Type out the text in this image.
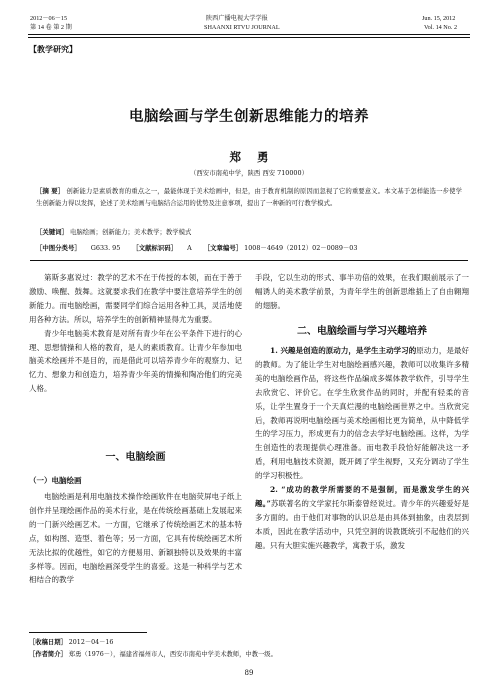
2012－06－15	陕西广播电视大学学报	Jun. 15, 2012
第 14 卷 第 2 期	SHAANXI RTVU JOURNAL	Vol. 14 No. 2
【教学研究】
电脑绘画与学生创新思维能力的培养
郑 勇
（西安市南苑中学，陕西 西安 710000）
［摘 要］ 创新能力是素质教育的重点之一，最能体现于美术绘画中，但是，由于教育机制的原因而忽视了它的重要意义。本文基于怎样能选一步使学生创新能力得以发挥，论述了美术绘画与电脑结合运用的优势及注意事项，提出了一种新的可行教学模式。
［关键词］ 电脑绘画；创新能力；美术教学；教学模式
［中图分类号］ G633. 95 ［文献标识码］ A ［文章编号］ 1008－4649（2012）02－0089－03

第斯多惠说过：教学的艺术不在于传授的本领，而在于善于激励、唤醒、鼓舞。这就要求我们在教学中要注意培养学生的创新能力。而电脑绘画，需要同学们综合运用各种工具，灵活地使用各种方法。所以，培养学生的创新精神显得尤为重要。

青少年电脑美术教育是对所有青少年在公平条件下进行的心理、思想情操和人格的教育，是人的素质教育。让青少年参加电脑美术绘画并不是目的，而是借此可以培养青少年的观察力、记忆力、想象力和创造力，培养青少年美的情操和陶冶他们的完美人格。

一、电脑绘画
（一）电脑绘画

电脑绘画是利用电脑技术操作绘画软件在电脑荧屏电子纸上创作并呈现绘画作品的美术行业，是在传统绘画基础上发展起来的一门新兴绘画艺术。一方面，它继承了传统绘画艺术的基本特点，如构图、造型、着色等；另一方面，它具有传统绘画艺术所无法比拟的优越性，如它的方便易用、新颖独特以及效果的丰富多样等。因而，电脑绘画深受学生的喜爱。这是一种科学与艺术相结合的教学

手段，它以生动的形式、事半功倍的效果，在我们眼前展示了一幅诱人的美术教学前景，为青年学生的创新思维插上了自由翱翔的翅膀。

二、电脑绘画与学习兴趣培养

1. 兴趣是创造的原动力，是学生主动学习的原动力，是最好的教师。为了能让学生对电脑绘画感兴趣，教师可以收集许多精美的电脑绘画作品，将这些作品编成多媒体教学软件，引导学生去欣赏它、评价它。在学生欣赏作品的同时，并配有轻柔的音乐，让学生置身于一个天真烂漫的电脑绘画世界之中。当欣赏完后，教师再说明电脑绘画与美术绘画相比更为简单，从中降低学生的学习压力，形成更有力的信念去学好电脑绘画。这样，为学生创造性的表现提供心理准备。而电教手段恰好能解决这一矛盾，利用电脑技术资源，既开阔了学生视野，又充分调动了学生的学习积极性。

2. “成功的教学所需要的不是强制，而是激发学生的兴趣。”苏联著名的文学家托尔斯泰曾经说过。青少年的兴趣爱好是多方面的。由于他们对事物的认识总是由具体到抽象，由表层到本质，因此在教学活动中，只凭空洞的说教既统引不起他们的兴趣。只有大胆实施兴趣教学，寓教于乐，激发

［收稿日期］ 2012－04－16
［作者简介］ 郑勇（1976－），福建省福州市人，西安市南苑中学美术教师，中教一级。
89
